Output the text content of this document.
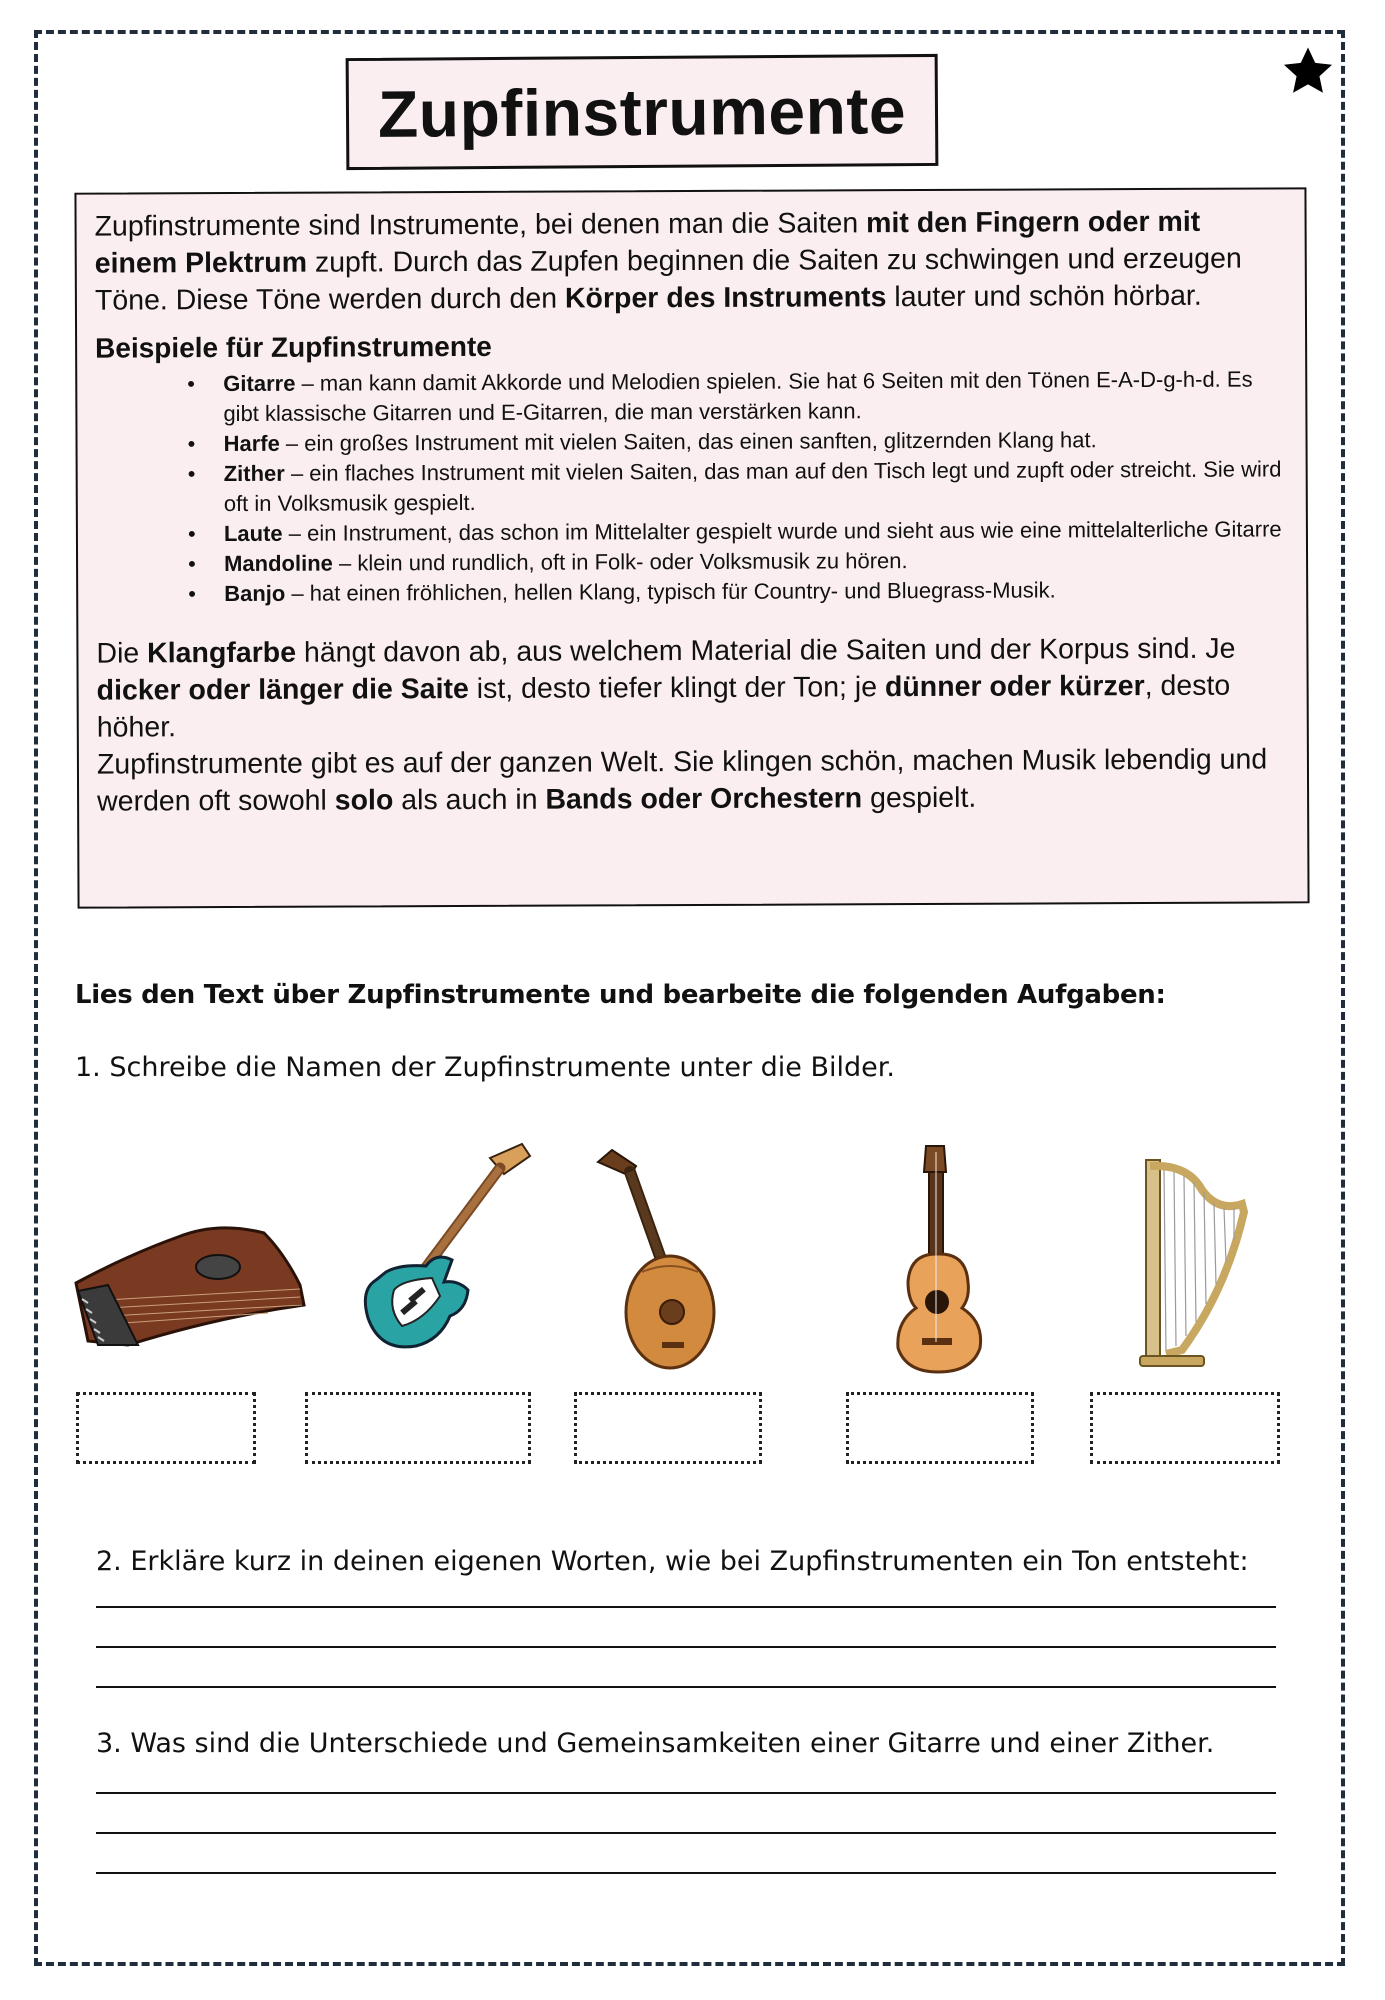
Zupfinstrumente

Zupfinstrumente sind Instrumente, bei denen man die Saiten mit den Fingern oder mit einem Plektrum zupft. Durch das Zupfen beginnen die Saiten zu schwingen und erzeugen Töne. Diese Töne werden durch den Körper des Instruments lauter und schön hörbar.

Beispiele für Zupfinstrumente
• Gitarre – man kann damit Akkorde und Melodien spielen. Sie hat 6 Seiten mit den Tönen E-A-D-g-h-d. Es gibt klassische Gitarren und E-Gitarren, die man verstärken kann.
• Harfe – ein großes Instrument mit vielen Saiten, das einen sanften, glitzernden Klang hat.
• Zither – ein flaches Instrument mit vielen Saiten, das man auf den Tisch legt und zupft oder streicht. Sie wird oft in Volksmusik gespielt.
• Laute – ein Instrument, das schon im Mittelalter gespielt wurde und sieht aus wie eine mittelalterliche Gitarre
• Mandoline – klein und rundlich, oft in Folk- oder Volksmusik zu hören.
• Banjo – hat einen fröhlichen, hellen Klang, typisch für Country- und Bluegrass-Musik.

Die Klangfarbe hängt davon ab, aus welchem Material die Saiten und der Korpus sind. Je dicker oder länger die Saite ist, desto tiefer klingt der Ton; je dünner oder kürzer, desto höher.

Zupfinstrumente gibt es auf der ganzen Welt. Sie klingen schön, machen Musik lebendig und werden oft sowohl solo als auch in Bands oder Orchestern gespielt.

Lies den Text über Zupfinstrumente und bearbeite die folgenden Aufgaben:
1. Schreibe die Namen der Zupfinstrumente unter die Bilder.
2. Erkläre kurz in deinen eigenen Worten, wie bei Zupfinstrumenten ein Ton entsteht:
3. Was sind die Unterschiede und Gemeinsamkeiten einer Gitarre und einer Zither.
